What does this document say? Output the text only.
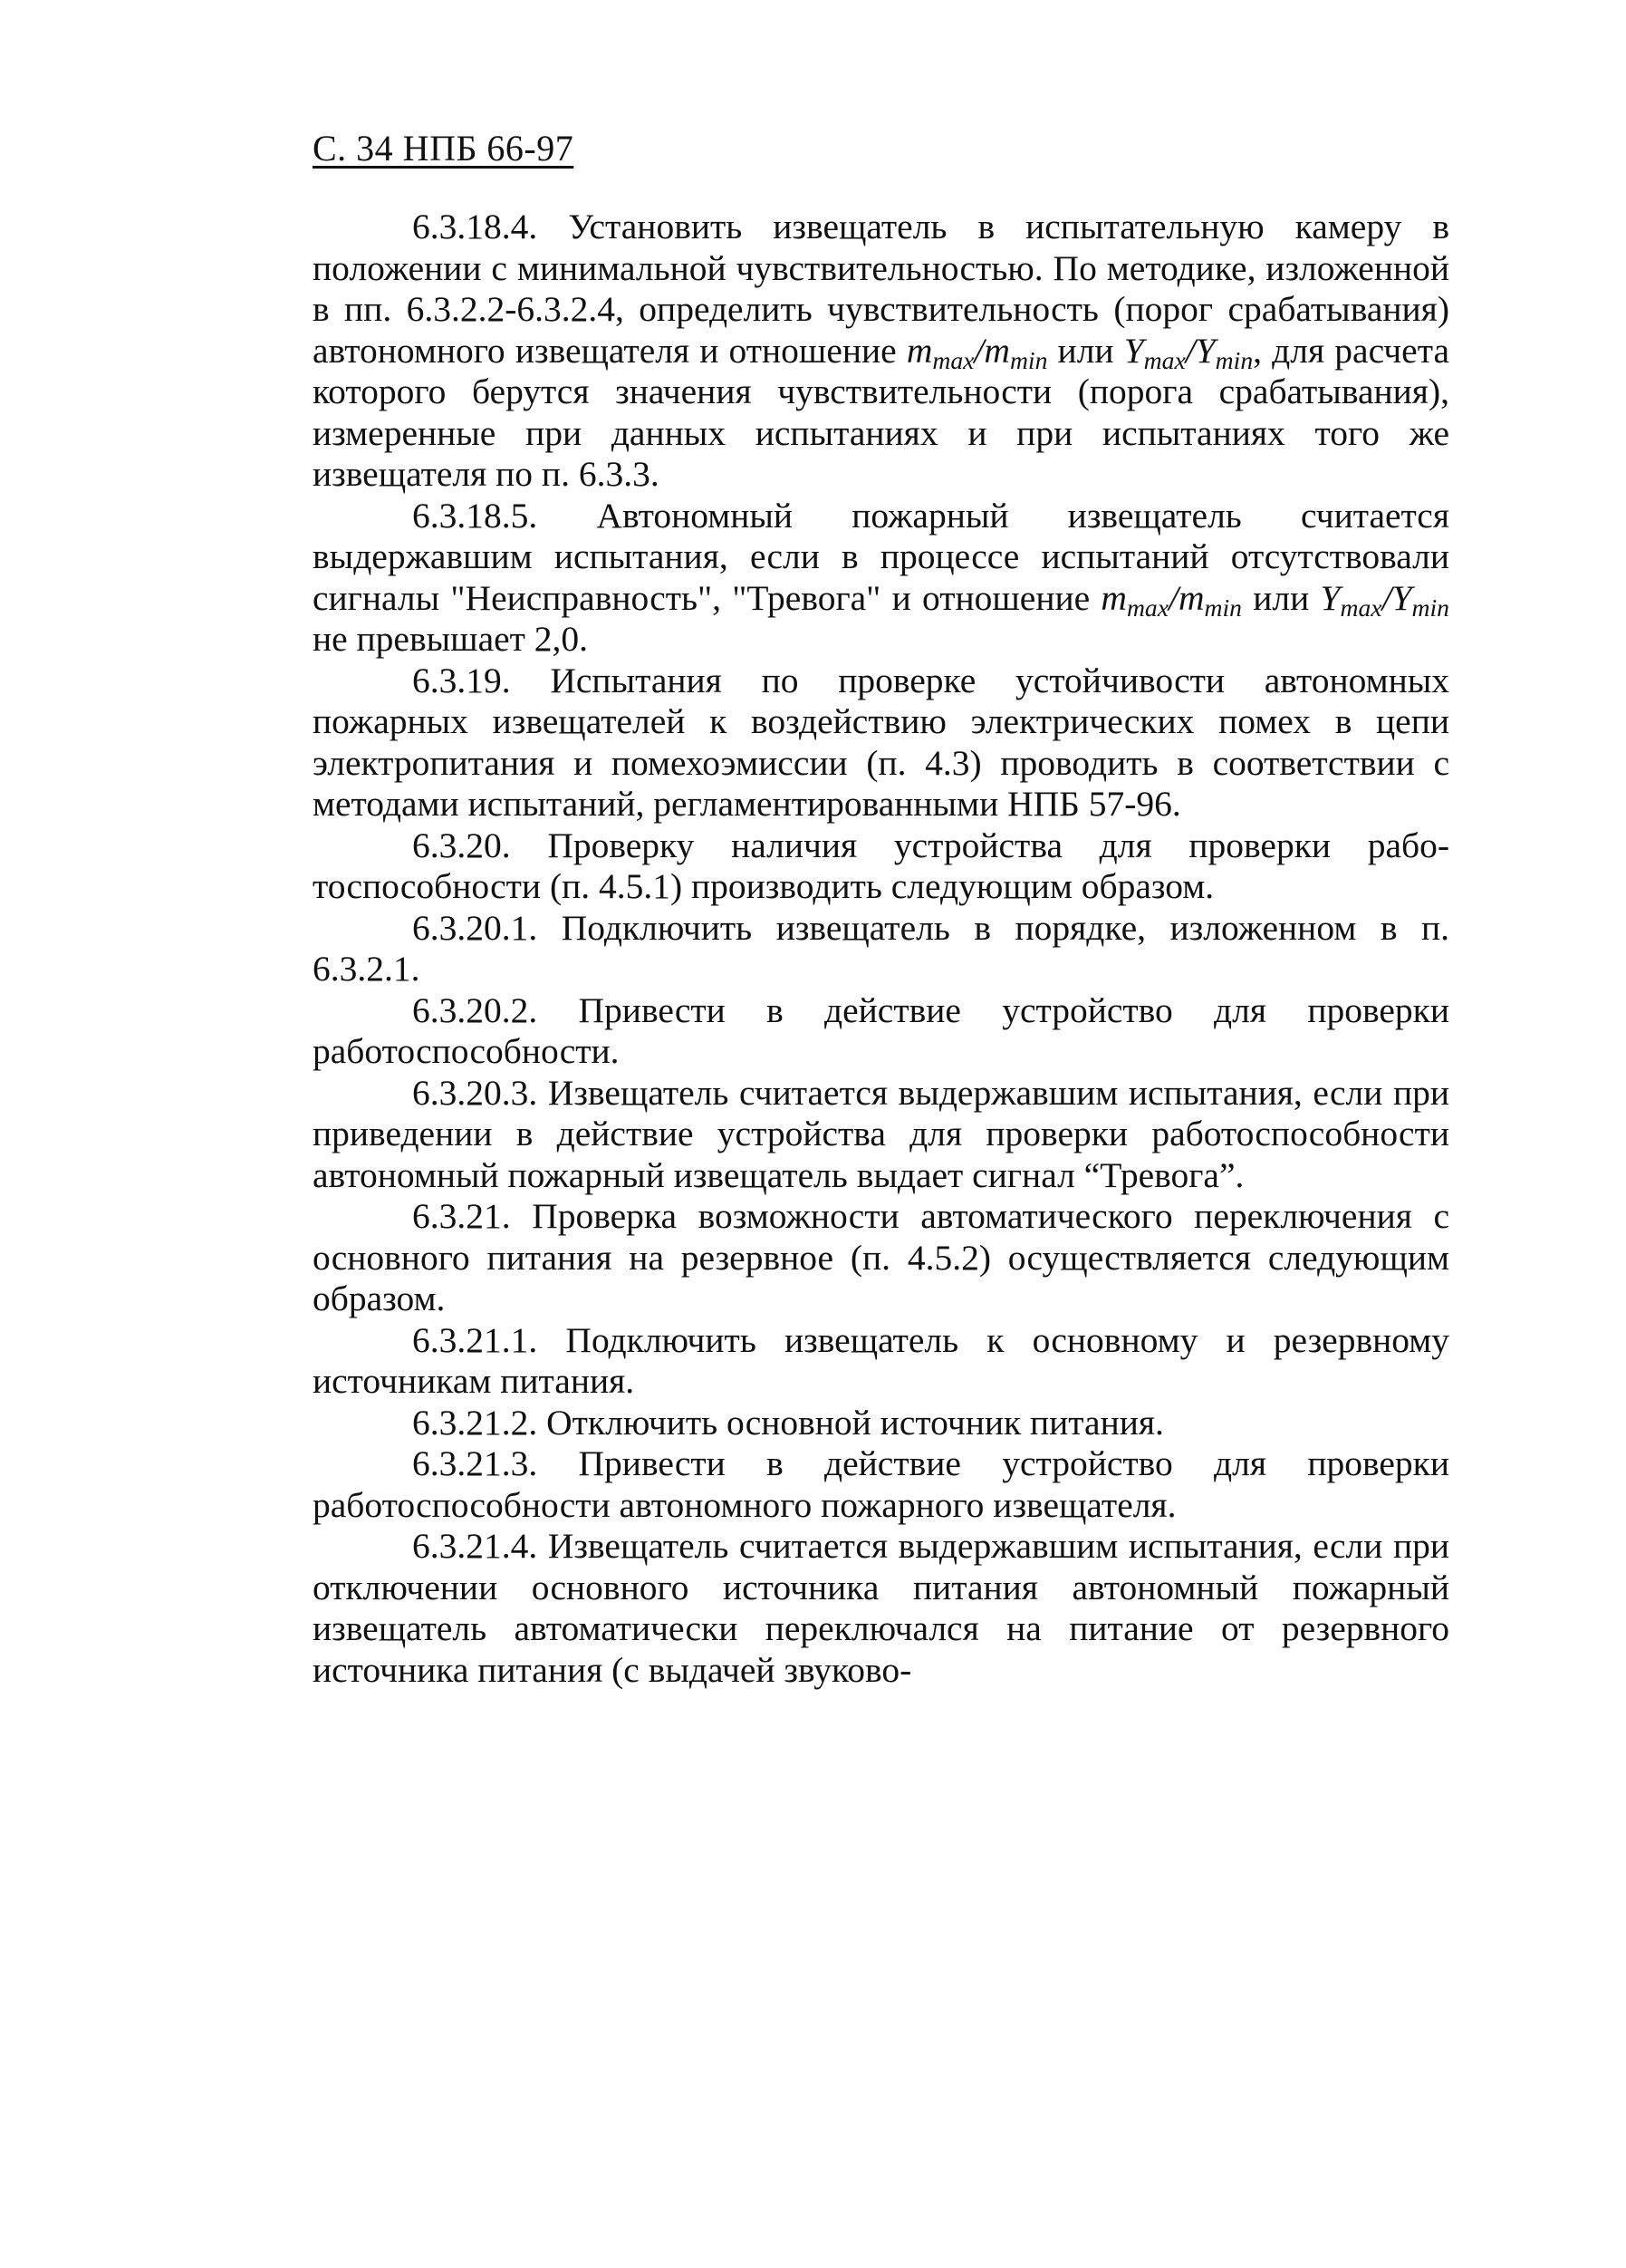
С. 34 НПБ 66-97

6.3.18.4. Установить извещатель в испытательную камеру в положении с минимальной чувствительностью. По методике, изложенной в пп. 6.3.2.2-6.3.2.4, определить чувствительность (порог срабатывания) автономного извещателя и отношение $m_{max}/m_{min}$ или $Y_{max}/Y_{min}$, для расчета которого берутся значения чувствительности (порога срабатывания), измеренные при данных испытаниях и при испытаниях того же извещателя по п. 6.3.3.

6.3.18.5. Автономный пожарный извещатель считается выдержавшим испытания, если в процессе испытаний отсутствовали сигналы "Неисправность", "Тревога" и отношение $m_{max}/m_{min}$ или $Y_{max}/Y_{min}$ не превышает 2,0.

6.3.19. Испытания по проверке устойчивости автономных пожарных извещателей к воздействию электрических помех в цепи электропитания и помехоэмиссии (п. 4.3) проводить в соответствии с методами испытаний, регламентированными НПБ 57-96.

6.3.20. Проверку наличия устройства для проверки работоспособности (п. 4.5.1) производить следующим образом.

6.3.20.1. Подключить извещатель в порядке, изложенном в п. 6.3.2.1.

6.3.20.2. Привести в действие устройство для проверки работоспособности.

6.3.20.3. Извещатель считается выдержавшим испытания, если при приведении в действие устройства для проверки работоспособности автономный пожарный извещатель выдает сигнал “Тревога”.

6.3.21. Проверка возможности автоматического переключения с основного питания на резервное (п. 4.5.2) осуществляется следующим образом.

6.3.21.1. Подключить извещатель к основному и резервному источникам питания.

6.3.21.2. Отключить основной источник питания.

6.3.21.3. Привести в действие устройство для проверки работоспособности автономного пожарного извещателя.

6.3.21.4. Извещатель считается выдержавшим испытания, если при отключении основного источника питания автономный пожарный извещатель автоматически переключался на питание от резервного источника питания (с выдачей звуково-
